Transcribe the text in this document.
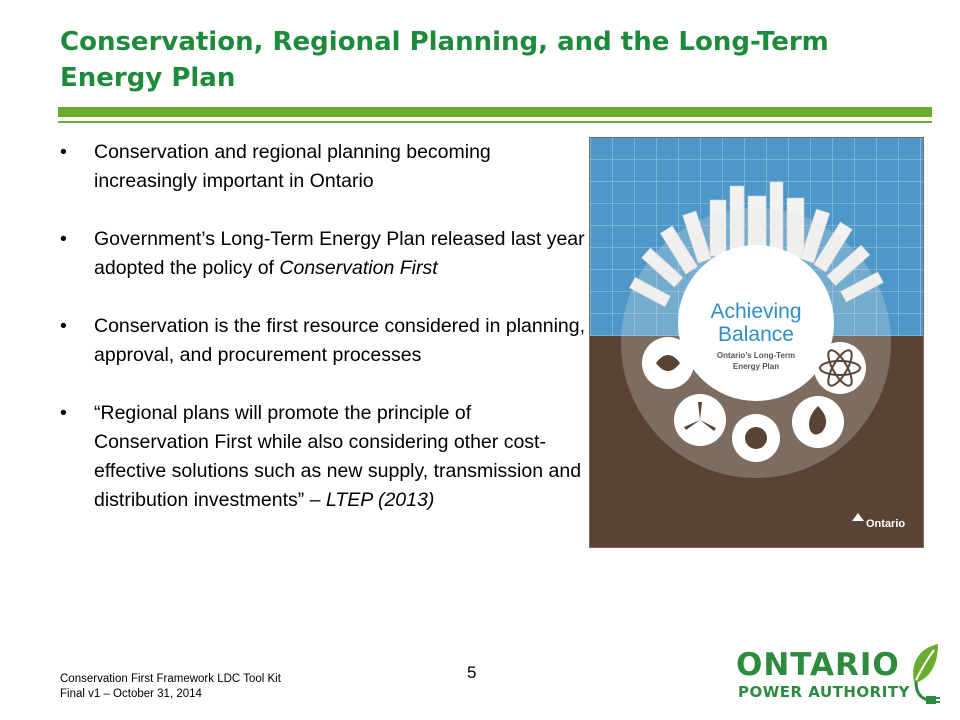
Conservation, Regional Planning, and the Long-Term Energy Plan
• Conservation and regional planning becoming increasingly important in Ontario
• Government’s Long-Term Energy Plan released last year adopted the policy of Conservation First
• Conservation is the first resource considered in planning, approval, and procurement processes
• “Regional plans will promote the principle of Conservation First while also considering other cost-effective solutions such as new supply, transmission and distribution investments” – LTEP (2013)
Achieving
Balance
Ontario’s Long-Term
Energy Plan
Ontario
5
Conservation First Framework LDC Tool Kit
Final v1 – October 31, 2014
ONTARIO
POWER AUTHORITY
